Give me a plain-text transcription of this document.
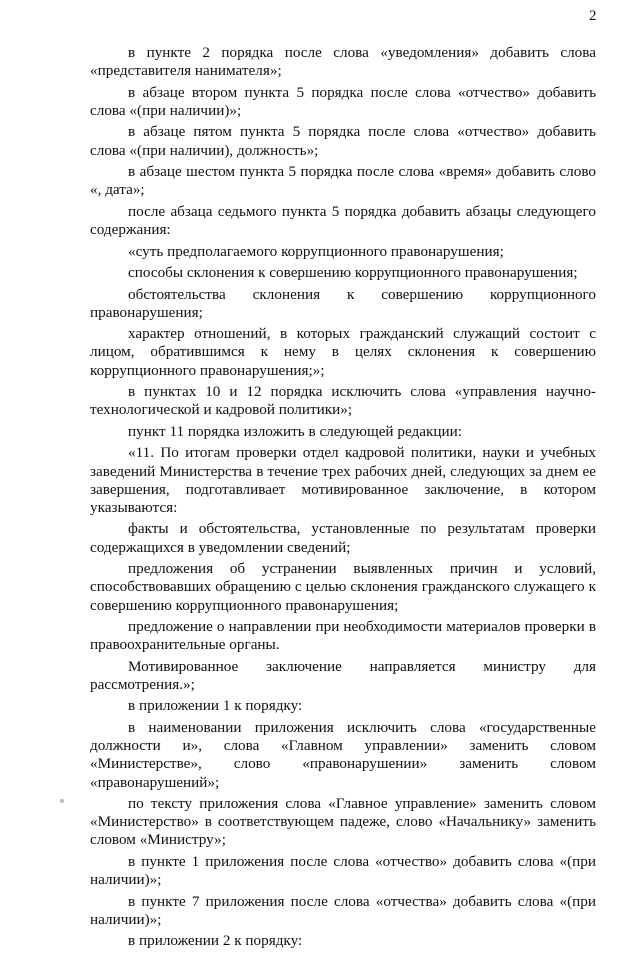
2

в пункте 2 порядка после слова «уведомления» добавить слова «представителя нанимателя»;

в абзаце втором пункта 5 порядка после слова «отчество» добавить слова «(при наличии)»;

в абзаце пятом пункта 5 порядка после слова «отчество» добавить слова «(при наличии), должность»;

в абзаце шестом пункта 5 порядка после слова «время» добавить слово «, дата»;

после абзаца седьмого пункта 5 порядка добавить абзацы следующего содержания:

«суть предполагаемого коррупционного правонарушения;

способы склонения к совершению коррупционного правонарушения;

обстоятельства склонения к совершению коррупционного правонарушения;

характер отношений, в которых гражданский служащий состоит с лицом, обратившимся к нему в целях склонения к совершению коррупционного правонарушения;»;

в пунктах 10 и 12 порядка исключить слова «управления научно-технологической и кадровой политики»;

пункт 11 порядка изложить в следующей редакции:

«11. По итогам проверки отдел кадровой политики, науки и учебных заведений Министерства в течение трех рабочих дней, следующих за днем ее завершения, подготавливает мотивированное заключение, в котором указываются:

факты и обстоятельства, установленные по результатам проверки содержащихся в уведомлении сведений;

предложения об устранении выявленных причин и условий, способствовавших обращению с целью склонения гражданского служащего к совершению коррупционного правонарушения;

предложение о направлении при необходимости материалов проверки в правоохранительные органы.

Мотивированное заключение направляется министру для рассмотрения.»;

в приложении 1 к порядку:

в наименовании приложения исключить слова «государственные должности и», слова «Главном управлении» заменить словом «Министерстве», слово «правонарушении» заменить словом «правонарушений»;

по тексту приложения слова «Главное управление» заменить словом «Министерство» в соответствующем падеже, слово «Начальнику» заменить словом «Министру»;

в пункте 1 приложения после слова «отчество» добавить слова «(при наличии)»;

в пункте 7 приложения после слова «отчества» добавить слова «(при наличии)»;

в приложении 2 к порядку:
